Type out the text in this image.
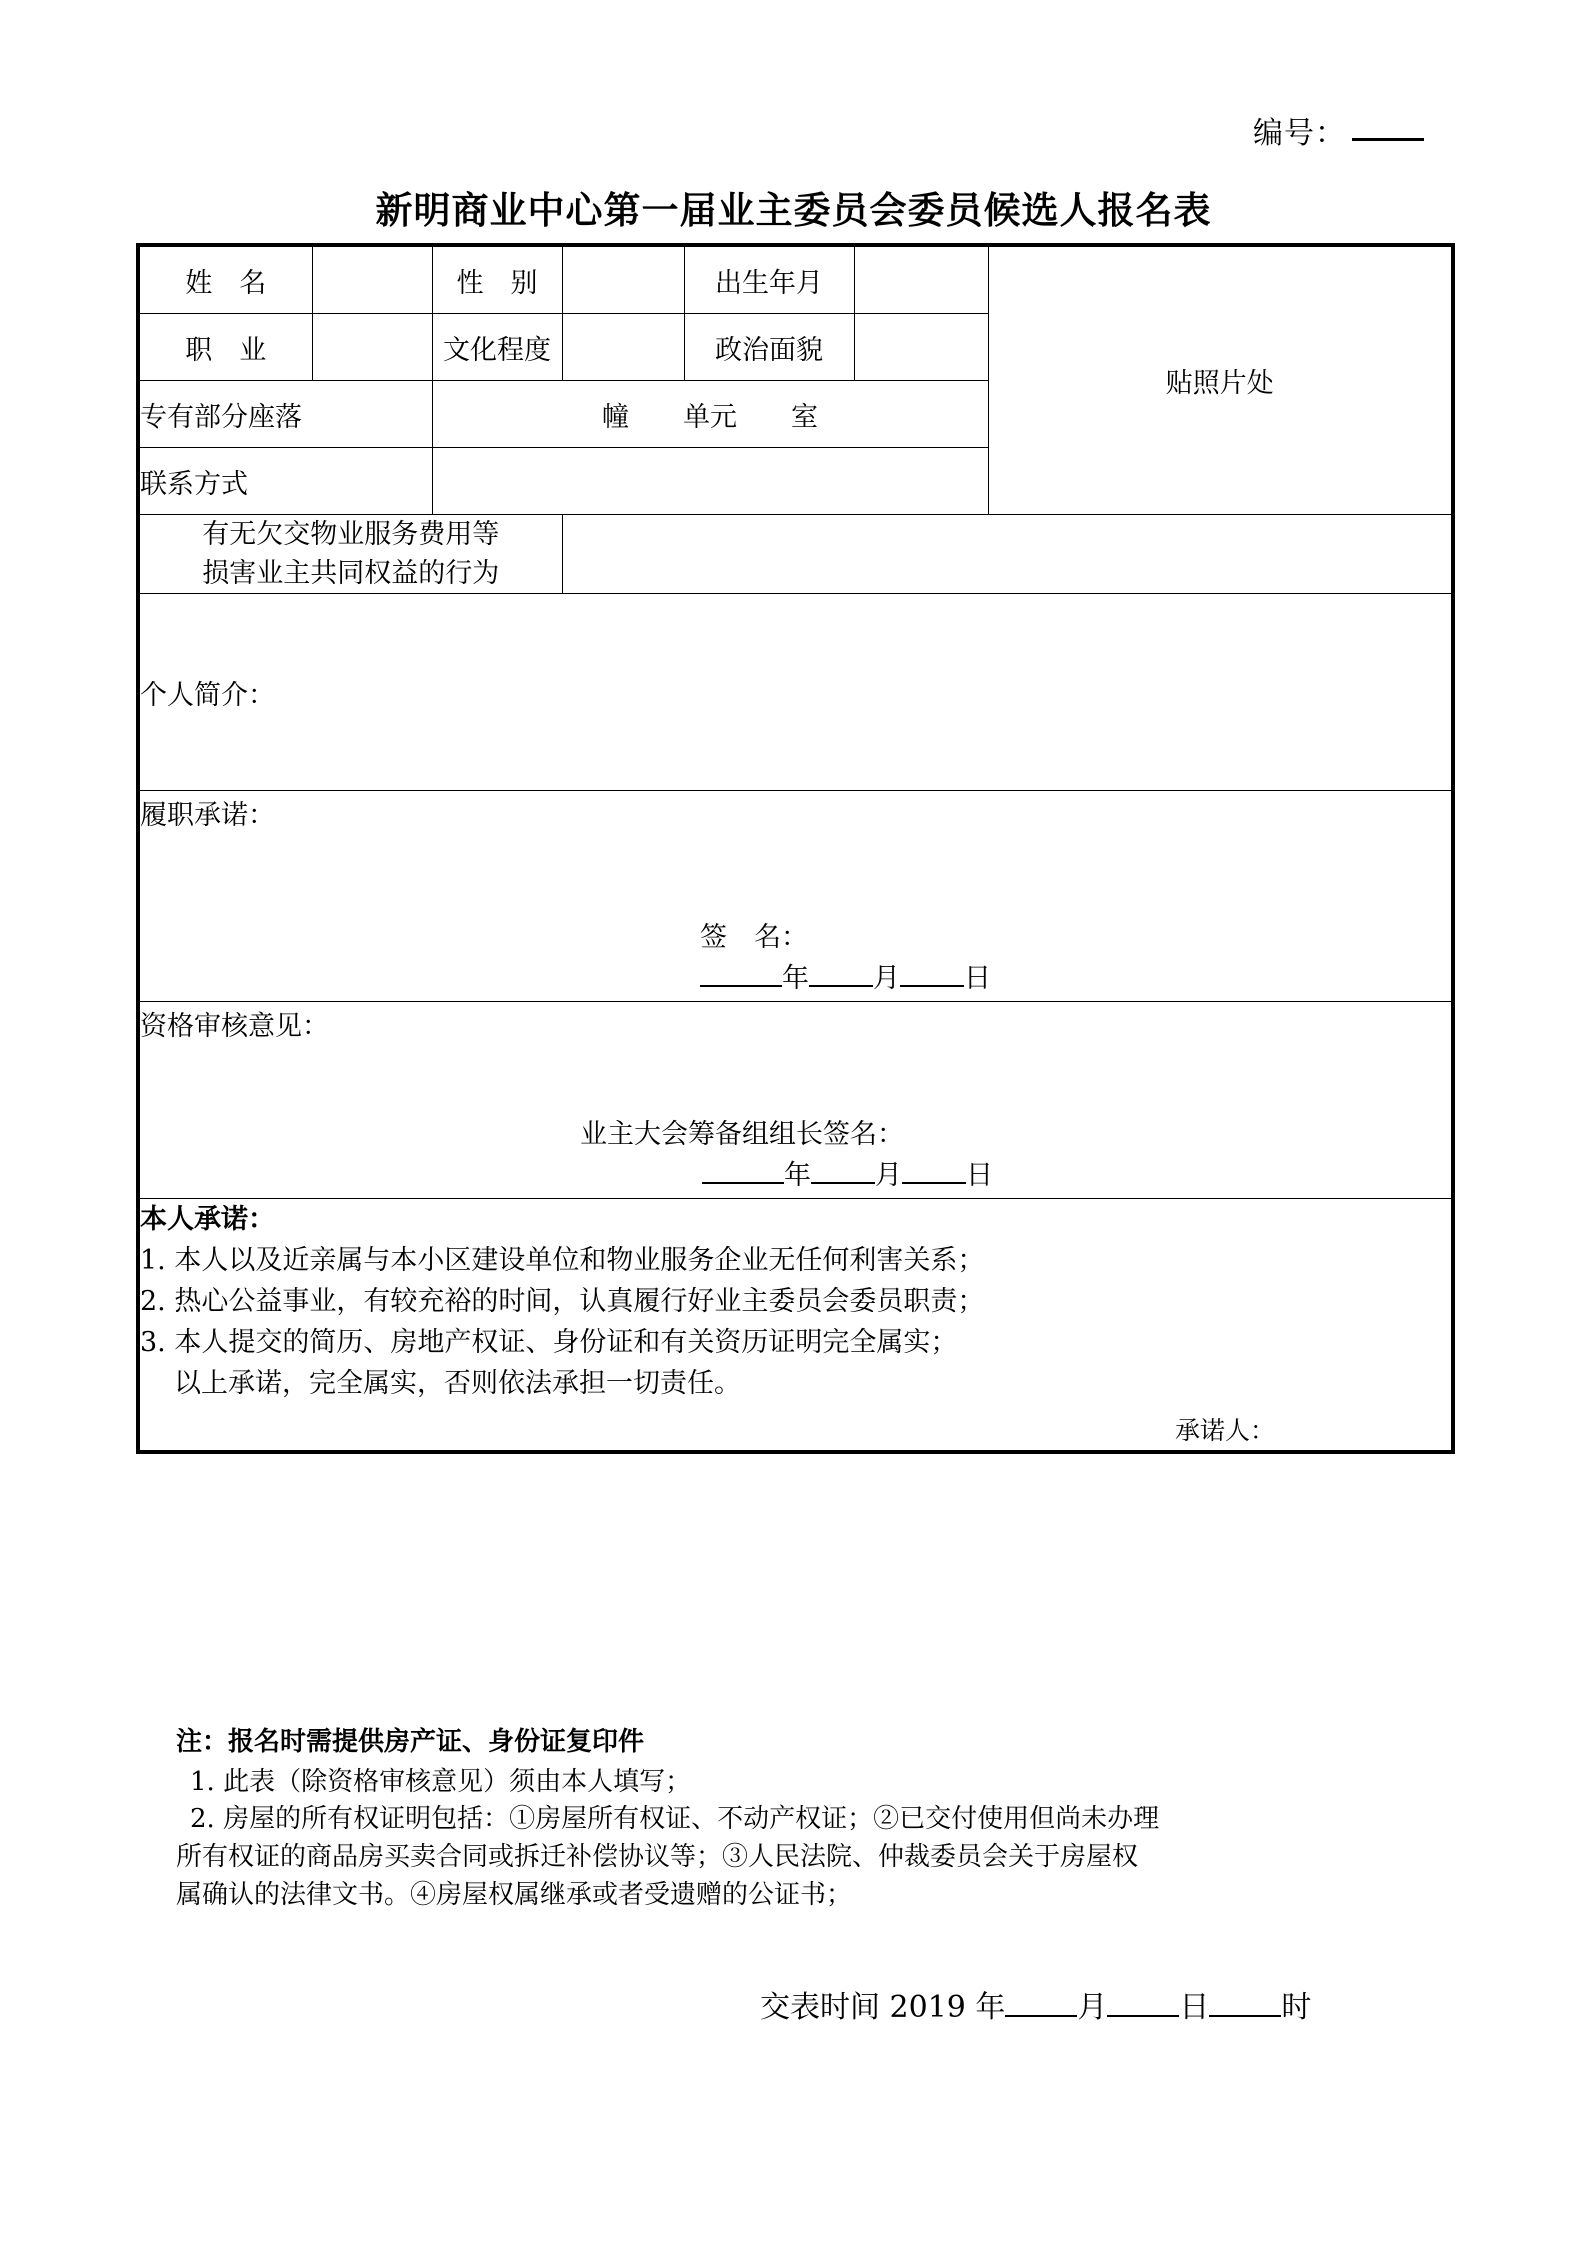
编号：
新明商业中心第一届业主委员会委员候选人报名表
姓　名		性　别		出生年月		贴照片处
职　业		文化程度		政治面貌		
专有部分座落		幢　　单元　　室				
联系方式						

有无欠交物业服务费用等
损害业主共同权益的行为						

个人简介：						

履职承诺：
签　名：
年 月 日						

资格审核意见：
业主大会筹备组组长签名：
年 月 日						

本人承诺：
1. 本人以及近亲属与本小区建设单位和物业服务企业无任何利害关系；
2. 热心公益事业，有较充裕的时间，认真履行好业主委员会委员职责；
3. 本人提交的简历、房地产权证、身份证和有关资历证明完全属实；
以上承诺，完全属实，否则依法承担一切责任。
承诺人：
注：报名时需提供房产证、身份证复印件
1. 此表（除资格审核意见）须由本人填写；
2. 房屋的所有权证明包括：①房屋所有权证、不动产权证；②已交付使用但尚未办理
所有权证的商品房买卖合同或拆迁补偿协议等；③人民法院、仲裁委员会关于房屋权
属确认的法律文书。④房屋权属继承或者受遗赠的公证书；
交表时间 2019 年 月 日 时
